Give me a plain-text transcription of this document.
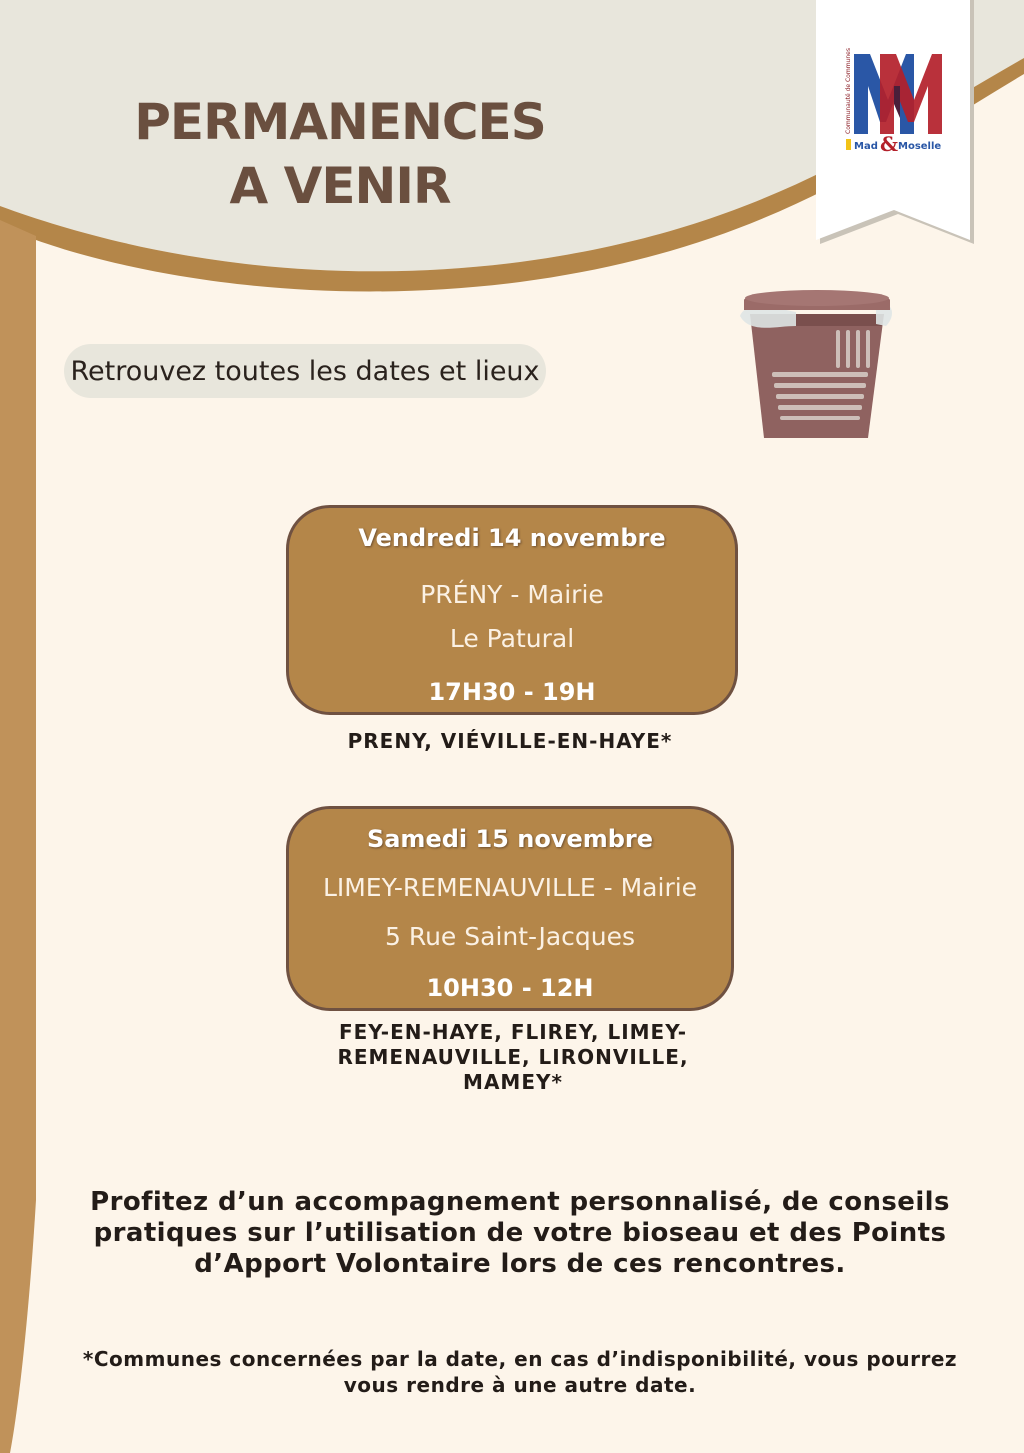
PERMANENCES
A VENIR
Retrouvez toutes les dates et lieux
Communauté de Communes
Mad & Moselle
Vendredi 14 novembre
PRÉNY - Mairie
Le Patural
17H30 - 19H
PRENY, VIÉVILLE-EN-HAYE*
Samedi 15 novembre
LIMEY-REMENAUVILLE - Mairie
5 Rue Saint-Jacques
10H30 - 12H
FEY-EN-HAYE, FLIREY, LIMEY-
REMENAUVILLE, LIRONVILLE,
MAMEY*
Profitez d’un accompagnement personnalisé, de conseils
pratiques sur l’utilisation de votre bioseau et des Points
d’Apport Volontaire lors de ces rencontres.
*Communes concernées par la date, en cas d’indisponibilité, vous pourrez
vous rendre à une autre date.
